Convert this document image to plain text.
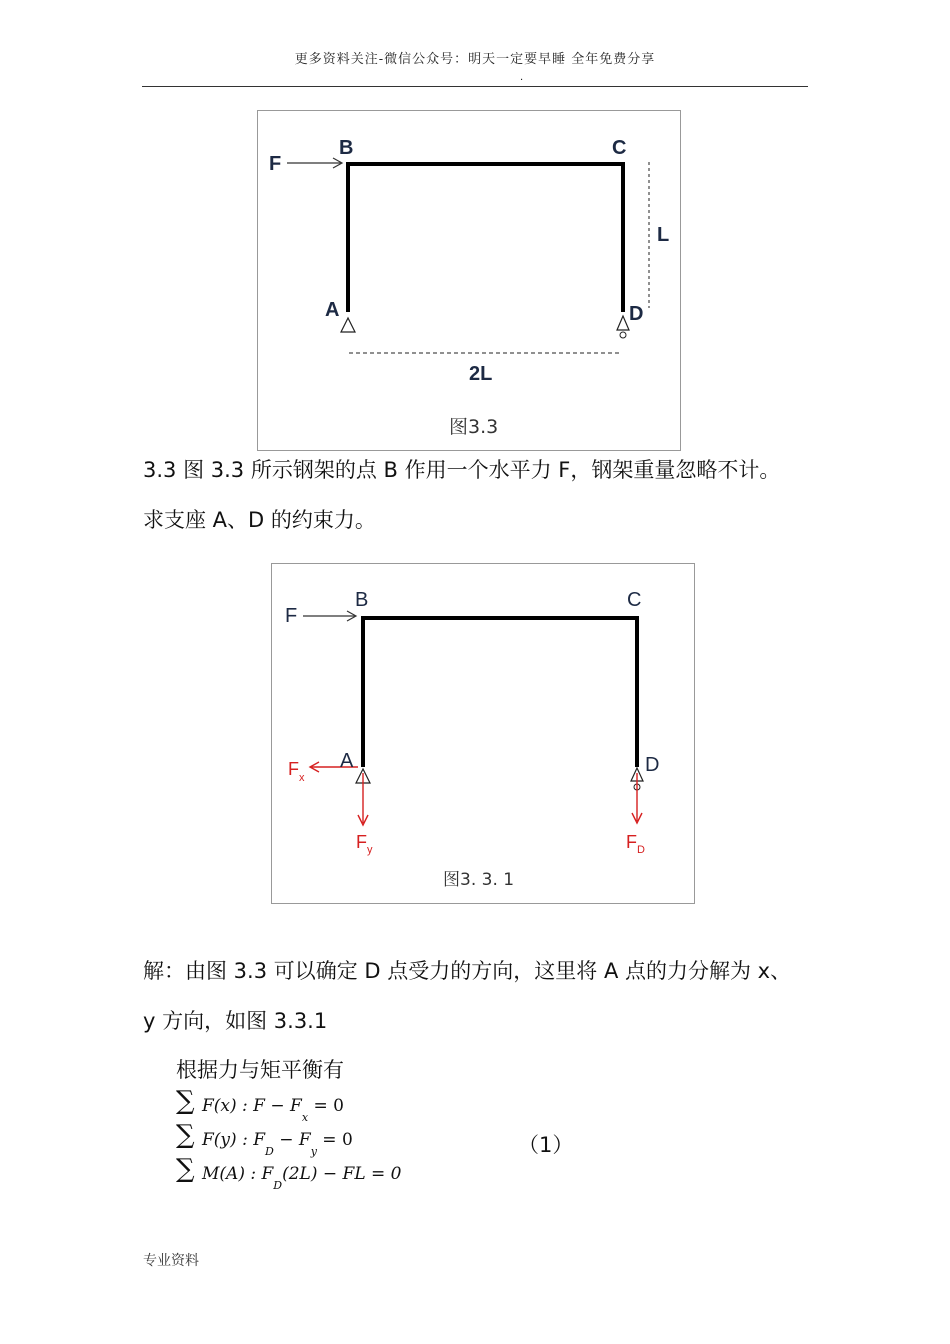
更多资料关注-微信公众号：明天一定要早睡 全年免费分享
.
F
B	C
A	D
L
2L
图3.3
3.3 图 3.3 所示钢架的点 B 作用一个水平力 F，钢架重量忽略不计。
求支座 A、D 的约束力。
F
B	C
A	D
F x
F y	F D
图3. 3. 1
解：由图 3.3 可以确定 D 点受力的方向，这里将 A 点的力分解为 x、
y 方向，如图 3.3.1
根据力与矩平衡有
∑ F(x) : $F - F_x = 0$
∑ F(y) : $F_D - F_y = 0$
∑ M(A) : $F_D(2L)$ − FL = 0
（1）
专业资料
